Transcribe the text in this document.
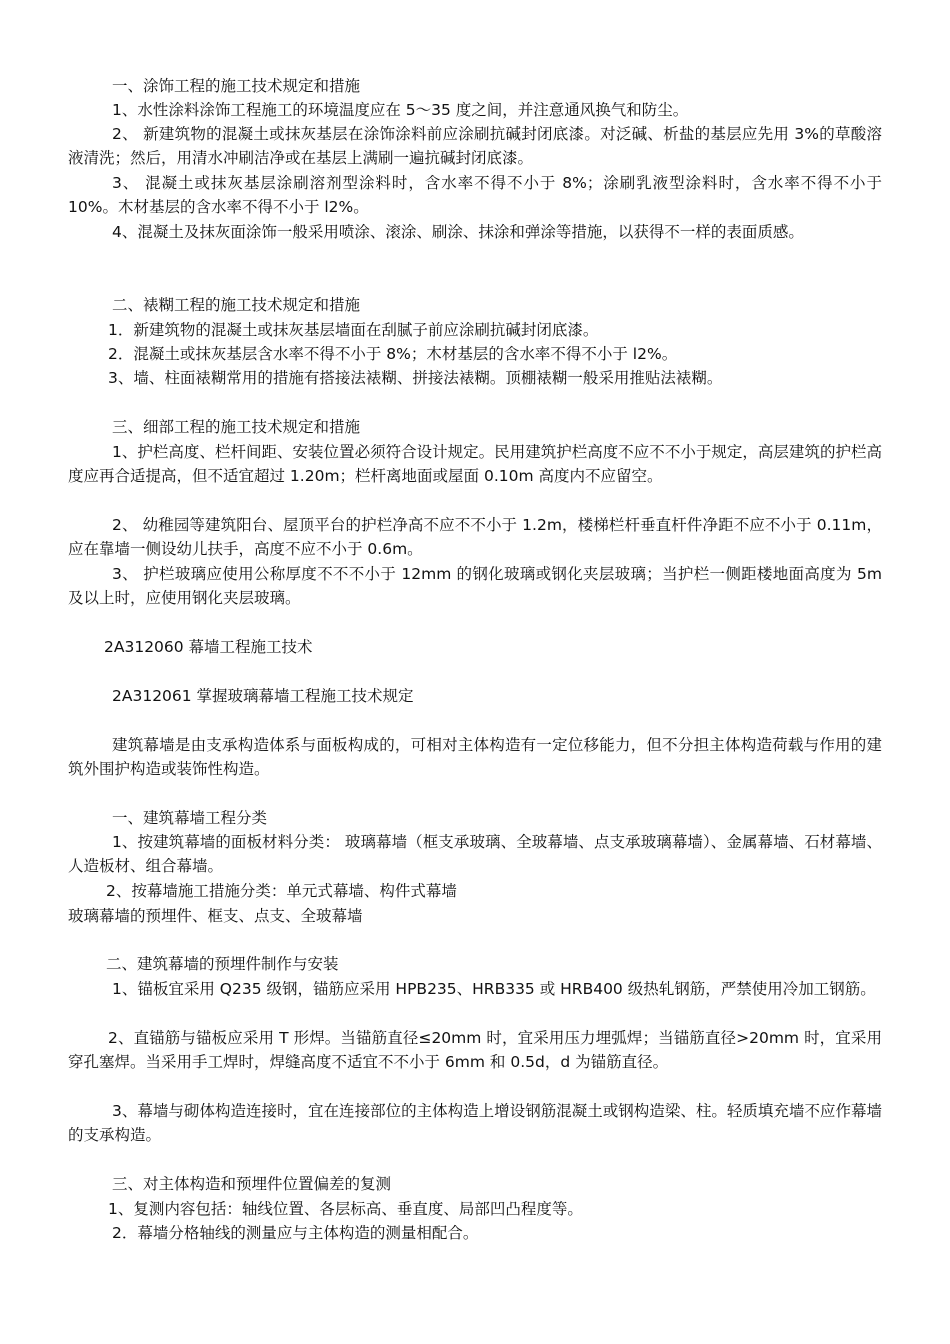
一、涂饰工程的施工技术规定和措施

1、水性涂料涂饰工程施工的环境温度应在 5～35 度之间，并注意通风换气和防尘。

2、 新建筑物的混凝土或抹灰基层在涂饰涂料前应涂刷抗碱封闭底漆。对泛碱、析盐的基层应先用 3%的草酸溶液清洗；然后，用清水冲刷洁净或在基层上满刷一遍抗碱封闭底漆。

3、 混凝土或抹灰基层涂刷溶剂型涂料时，含水率不得不小于 8%；涂刷乳液型涂料时，含水率不得不小于 10%。木材基层的含水率不得不小于 l2%。

4、混凝土及抹灰面涂饰一般采用喷涂、滚涂、刷涂、抹涂和弹涂等措施，以获得不一样的表面质感。

二、裱糊工程的施工技术规定和措施

1．新建筑物的混凝土或抹灰基层墙面在刮腻子前应涂刷抗碱封闭底漆。

2．混凝土或抹灰基层含水率不得不小于 8%；木材基层的含水率不得不小于 l2%。

3、墙、柱面裱糊常用的措施有搭接法裱糊、拼接法裱糊。顶棚裱糊一般采用推贴法裱糊。

三、细部工程的施工技术规定和措施

1、护栏高度、栏杆间距、安装位置必须符合设计规定。民用建筑护栏高度不应不不小于规定，高层建筑的护栏高度应再合适提高，但不适宜超过 1.20m；栏杆离地面或屋面 0.10m 高度内不应留空。

2、 幼稚园等建筑阳台、屋顶平台的护栏净高不应不不小于 1.2m，楼梯栏杆垂直杆件净距不应不小于 0.11m，应在靠墙一侧设幼儿扶手，高度不应不小于 0.6m。

3、 护栏玻璃应使用公称厚度不不不小于 12mm 的钢化玻璃或钢化夹层玻璃；当护栏一侧距楼地面高度为 5m 及以上时，应使用钢化夹层玻璃。

2A312060 幕墙工程施工技术

2A312061 掌握玻璃幕墙工程施工技术规定

建筑幕墙是由支承构造体系与面板构成的，可相对主体构造有一定位移能力，但不分担主体构造荷载与作用的建筑外围护构造或装饰性构造。

一、建筑幕墙工程分类

1、按建筑幕墙的面板材料分类： 玻璃幕墙（框支承玻璃、全玻幕墙、点支承玻璃幕墙）、金属幕墙、石材幕墙、人造板材、组合幕墙。

2、按幕墙施工措施分类：单元式幕墙、构件式幕墙

玻璃幕墙的预埋件、框支、点支、全玻幕墙

二、建筑幕墙的预埋件制作与安装

1、锚板宜采用 Q235 级钢，锚筋应采用 HPB235、HRB335 或 HRB400 级热轧钢筋，严禁使用冷加工钢筋。

2、直锚筋与锚板应采用 T 形焊。当锚筋直径≤20mm 时，宜采用压力埋弧焊；当锚筋直径>20mm 时，宜采用穿孔塞焊。当采用手工焊时，焊缝高度不适宜不不小于 6mm 和 0.5d，d 为锚筋直径。

3、幕墙与砌体构造连接时，宜在连接部位的主体构造上增设钢筋混凝土或钢构造梁、柱。轻质填充墙不应作幕墙的支承构造。

三、对主体构造和预埋件位置偏差的复测

1、复测内容包括：轴线位置、各层标高、垂直度、局部凹凸程度等。

2．幕墙分格轴线的测量应与主体构造的测量相配合。
